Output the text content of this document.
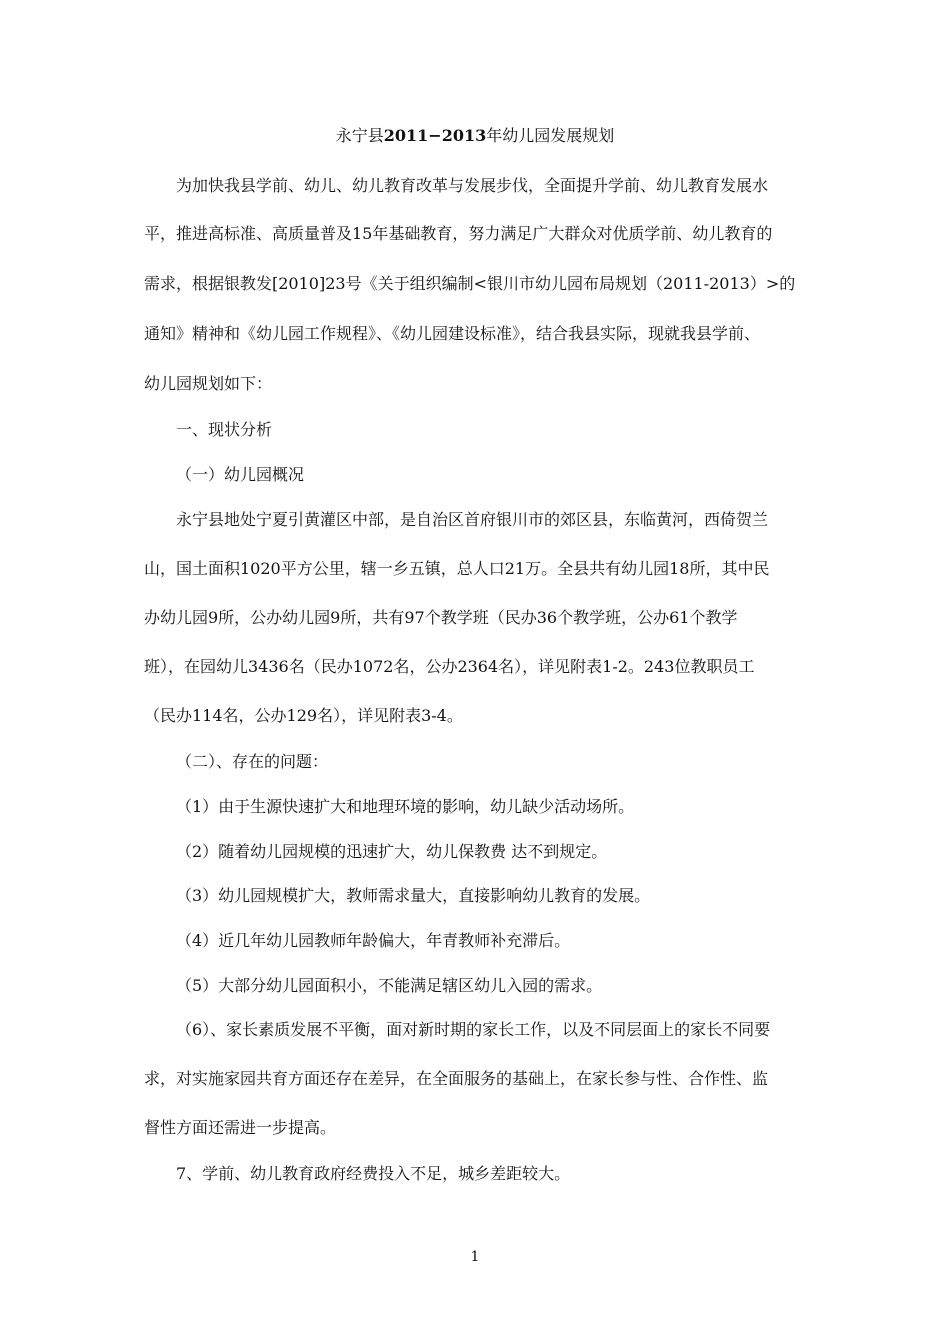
永宁县2011−2013年幼儿园发展规划
为加快我县学前、幼儿、幼儿教育改革与发展步伐，全面提升学前、幼儿教育发展水
平，推进高标准、高质量普及15年基础教育，努力满足广大群众对优质学前、幼儿教育的
需求，根据银教发[2010]23号《关于组织编制<银川市幼儿园布局规划（2011-2013）>的
通知》精神和《幼儿园工作规程》、《幼儿园建设标准》，结合我县实际，现就我县学前、
幼儿园规划如下：
一、现状分析
（一）幼儿园概况
永宁县地处宁夏引黄灌区中部，是自治区首府银川市的郊区县，东临黄河，西倚贺兰
山，国土面积1020平方公里，辖一乡五镇，总人口21万。全县共有幼儿园18所，其中民
办幼儿园9所，公办幼儿园9所，共有97个教学班（民办36个教学班，公办61个教学
班），在园幼儿3436名（民办1072名，公办2364名），详见附表1-2。243位教职员工
（民办114名，公办129名），详见附表3-4。
（二）、存在的问题：
（1）由于生源快速扩大和地理环境的影响，幼儿缺少活动场所。
（2）随着幼儿园规模的迅速扩大，幼儿保教费 达不到规定。
（3）幼儿园规模扩大，教师需求量大，直接影响幼儿教育的发展。
（4）近几年幼儿园教师年龄偏大，年青教师补充滞后。
（5）大部分幼儿园面积小，不能满足辖区幼儿入园的需求。
（6）、家长素质发展不平衡，面对新时期的家长工作，以及不同层面上的家长不同要
求，对实施家园共育方面还存在差异，在全面服务的基础上，在家长参与性、合作性、监
督性方面还需进一步提高。
7、学前、幼儿教育政府经费投入不足，城乡差距较大。
1
